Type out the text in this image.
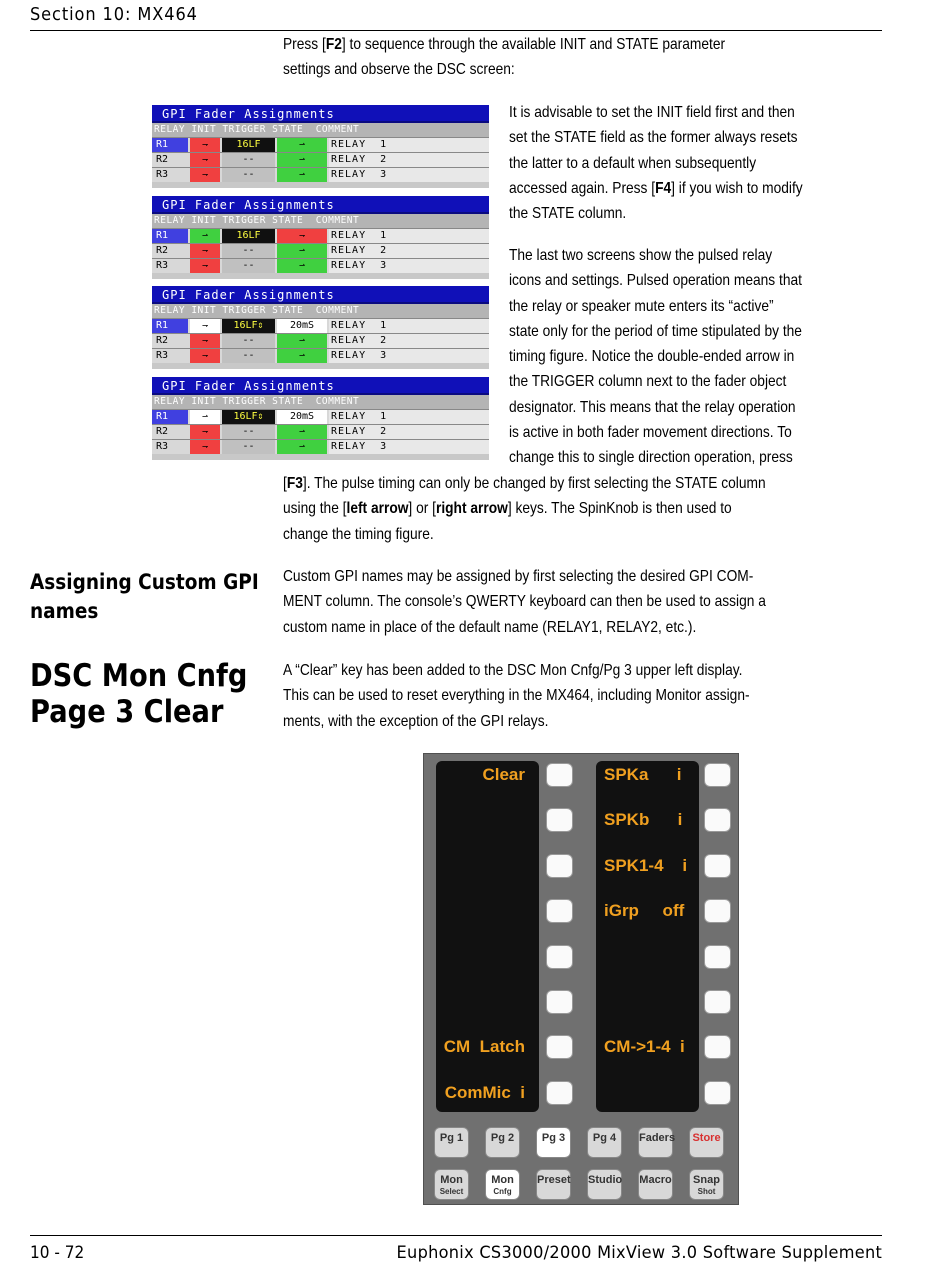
Section 10: MX464
Press [F2] to sequence through the available INIT and STATE parameter
settings and observe the DSC screen:
GPI Fader Assignments
RELAY INIT TRIGGER STATE  COMMENT
R1	⇁	16LF	⇀	RELAY  1
R2	⇁	--	⇀	RELAY  2
R3	⇁	--	⇀	RELAY  3
GPI Fader Assignments
RELAY INIT TRIGGER STATE  COMMENT
R1	⇀	16LF	⇁	RELAY  1
R2	⇁	--	⇀	RELAY  2
R3	⇁	--	⇀	RELAY  3
GPI Fader Assignments
RELAY INIT TRIGGER STATE  COMMENT
R1	⇁	16LF⇕	20mS	RELAY  1
R2	⇁	--	⇀	RELAY  2
R3	⇁	--	⇀	RELAY  3
GPI Fader Assignments
RELAY INIT TRIGGER STATE  COMMENT
R1	⇀	16LF⇕	20mS	RELAY  1
R2	⇁	--	⇀	RELAY  2
R3	⇁	--	⇀	RELAY  3
It is advisable to set the INIT field first and then
set the STATE field as the former always resets
the latter to a default when subsequently
accessed again. Press [F4] if you wish to modify
the STATE column.
The last two screens show the pulsed relay
icons and settings. Pulsed operation means that
the relay or speaker mute enters its “active”
state only for the period of time stipulated by the
timing figure. Notice the double-ended arrow in
the TRIGGER column next to the fader object
designator. This means that the relay operation
is active in both fader movement directions. To
change this to single direction operation, press
[F3]. The pulse timing can only be changed by first selecting the STATE column
using the [left arrow] or [right arrow] keys. The SpinKnob is then used to
change the timing figure.
Assigning Custom GPI
names
Custom GPI names may be assigned by first selecting the desired GPI COM-
MENT column. The console’s QWERTY keyboard can then be used to assign a
custom name in place of the default name (RELAY1, RELAY2, etc.).
DSC Mon Cnfg
Page 3 Clear
A “Clear” key has been added to the DSC Mon Cnfg/Pg 3 upper left display.
This can be used to reset everything in the MX464, including Monitor assign-
ments, with the exception of the GPI relays.
Clear	SPKa      i
SPKb      i
SPK1-4    i
iGrp     off
CM  Latch	CM->1-4  i
ComMic  i
Pg 1	Pg 2	Pg 3	Pg 4	Faders Store
Mon
Select
Mon
Cnfg
Preset Studio Macro Snap
Shot
10 - 72	Euphonix CS3000/2000 MixView 3.0 Software Supplement
